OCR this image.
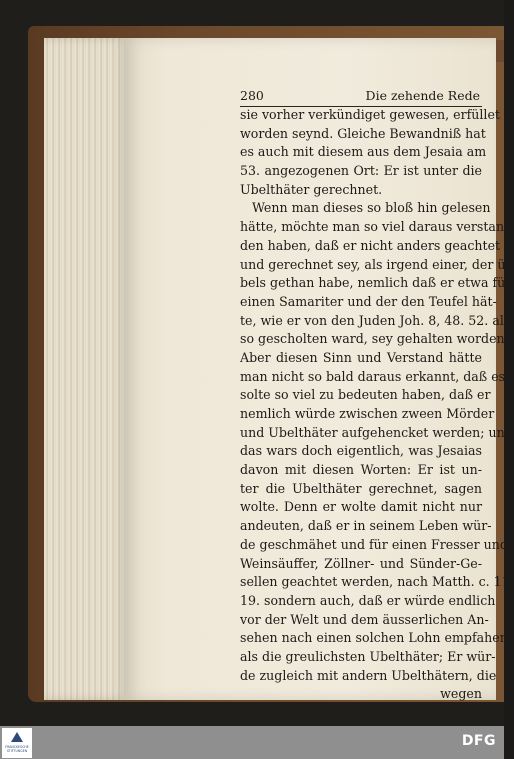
280	Die zehende Rede
sie vorher verkündiget gewesen, erfüllet
worden seynd. Gleiche Bewandniß hat
es auch mit diesem aus dem Jesaia am
53. angezogenen Ort: Er ist unter die
Ubelthäter gerechnet.
Wenn man dieses so bloß hin gelesen
hätte, möchte man so viel daraus verstan-
den haben, daß er nicht anders geachtet
und gerechnet sey, als irgend einer, der ü-
bels gethan habe, nemlich daß er etwa für
einen Samariter und der den Teufel hät-
te, wie er von den Juden Joh. 8, 48. 52. al-
so gescholten ward, sey gehalten worden:
Aber diesen Sinn und Verstand hätte
man nicht so bald daraus erkannt, daß es
solte so viel zu bedeuten haben, daß er
nemlich würde zwischen zween Mörder
und Ubelthäter aufgehencket werden; und
das wars doch eigentlich, was Jesaias
davon mit diesen Worten: Er ist un-
ter die Ubelthäter gerechnet, sagen
wolte. Denn er wolte damit nicht nur
andeuten, daß er in seinem Leben wür-
de geschmähet und für einen Fresser und
Weinsäuffer, Zöllner- und Sünder-Ge-
sellen geachtet werden, nach Matth. c. 11.
19. sondern auch, daß er würde endlich
vor der Welt und dem äusserlichen An-
sehen nach einen solchen Lohn empfahen,
als die greulichsten Ubelthäter; Er wür-
de zugleich mit andern Ubelthätern, die
wegen
FRANCKESCHE STIFTUNGEN
DFG
